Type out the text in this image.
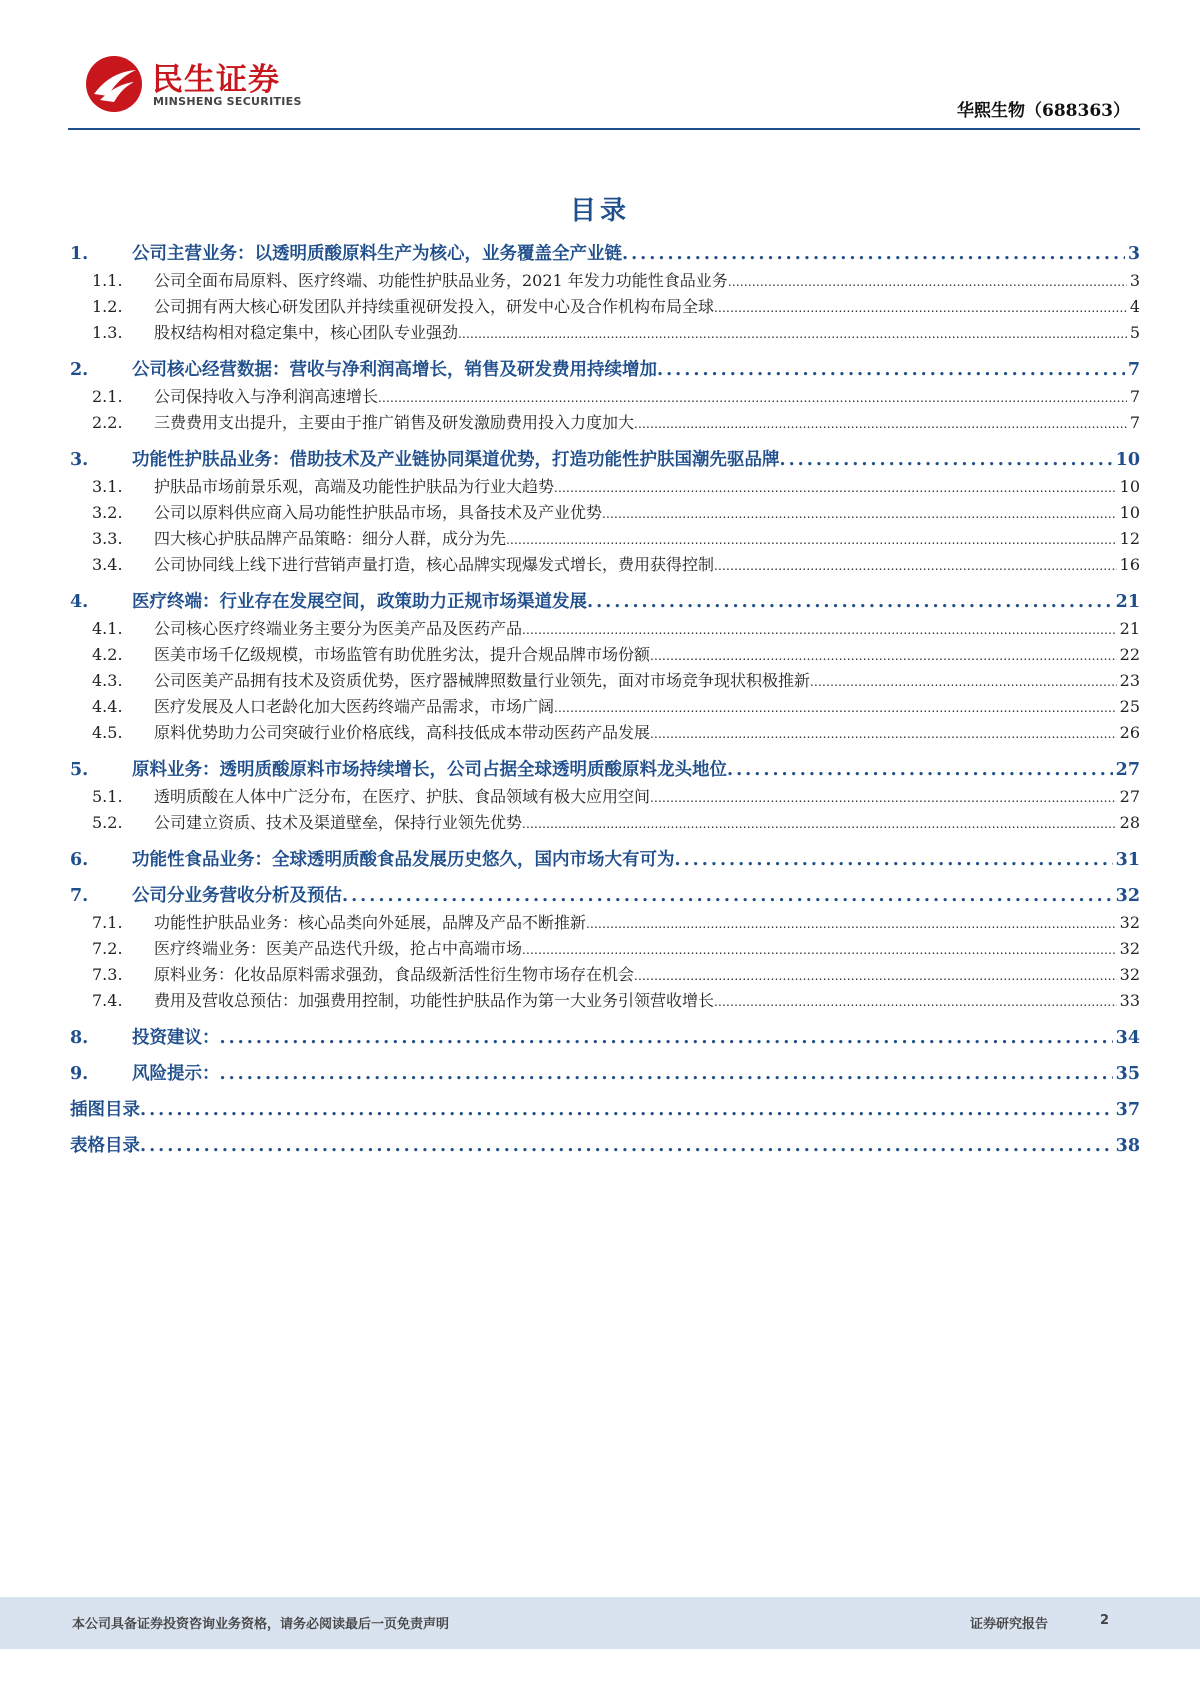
民生证券
MINSHENG SECURITIES	华熙生物（688363）
目录
1.	公司主营业务：以透明质酸原料生产为核心，业务覆盖全产业链 .....	3
1.1.	公司全面布局原料、医疗终端、功能性护肤品业务，2021 年发力功能性食品业务 .....	3
1.2.	公司拥有两大核心研发团队并持续重视研发投入，研发中心及合作机构布局全球 .....	4
1.3.	股权结构相对稳定集中，核心团队专业强劲 .....	5
2.	公司核心经营数据：营收与净利润高增长，销售及研发费用持续增加 .....	7
2.1.	公司保持收入与净利润高速增长 .....	7
2.2.	三费费用支出提升，主要由于推广销售及研发激励费用投入力度加大 .....	7
3.	功能性护肤品业务：借助技术及产业链协同渠道优势，打造功能性护肤国潮先驱品牌 .....	10
3.1.	护肤品市场前景乐观，高端及功能性护肤品为行业大趋势 .....	10
3.2.	公司以原料供应商入局功能性护肤品市场，具备技术及产业优势 .....	10
3.3.	四大核心护肤品牌产品策略：细分人群，成分为先 .....	12
3.4.	公司协同线上线下进行营销声量打造，核心品牌实现爆发式增长，费用获得控制 .....	16
4.	医疗终端：行业存在发展空间，政策助力正规市场渠道发展 .....	21
4.1.	公司核心医疗终端业务主要分为医美产品及医药产品 .....	21
4.2.	医美市场千亿级规模，市场监管有助优胜劣汰，提升合规品牌市场份额 .....	22
4.3.	公司医美产品拥有技术及资质优势，医疗器械牌照数量行业领先，面对市场竞争现状积极推新 .....	23
4.4.	医疗发展及人口老龄化加大医药终端产品需求，市场广阔 .....	25
4.5.	原料优势助力公司突破行业价格底线，高科技低成本带动医药产品发展 .....	26
5.	原料业务：透明质酸原料市场持续增长，公司占据全球透明质酸原料龙头地位 .....	27
5.1.	透明质酸在人体中广泛分布，在医疗、护肤、食品领域有极大应用空间 .....	27
5.2.	公司建立资质、技术及渠道壁垒，保持行业领先优势 .....	28
6.	功能性食品业务：全球透明质酸食品发展历史悠久，国内市场大有可为 .....	31
7.	公司分业务营收分析及预估 .....	32
7.1.	功能性护肤品业务：核心品类向外延展，品牌及产品不断推新 .....	32
7.2.	医疗终端业务：医美产品迭代升级，抢占中高端市场 .....	32
7.3.	原料业务：化妆品原料需求强劲，食品级新活性衍生物市场存在机会 .....	32
7.4.	费用及营收总预估：加强费用控制，功能性护肤品作为第一大业务引领营收增长 .....	33
8.	投资建议： .....	34
9.	风险提示： .....	35
插图目录 .....	37
表格目录 .....	38
本公司具备证券投资咨询业务资格，请务必阅读最后一页免责声明	证券研究报告	2
